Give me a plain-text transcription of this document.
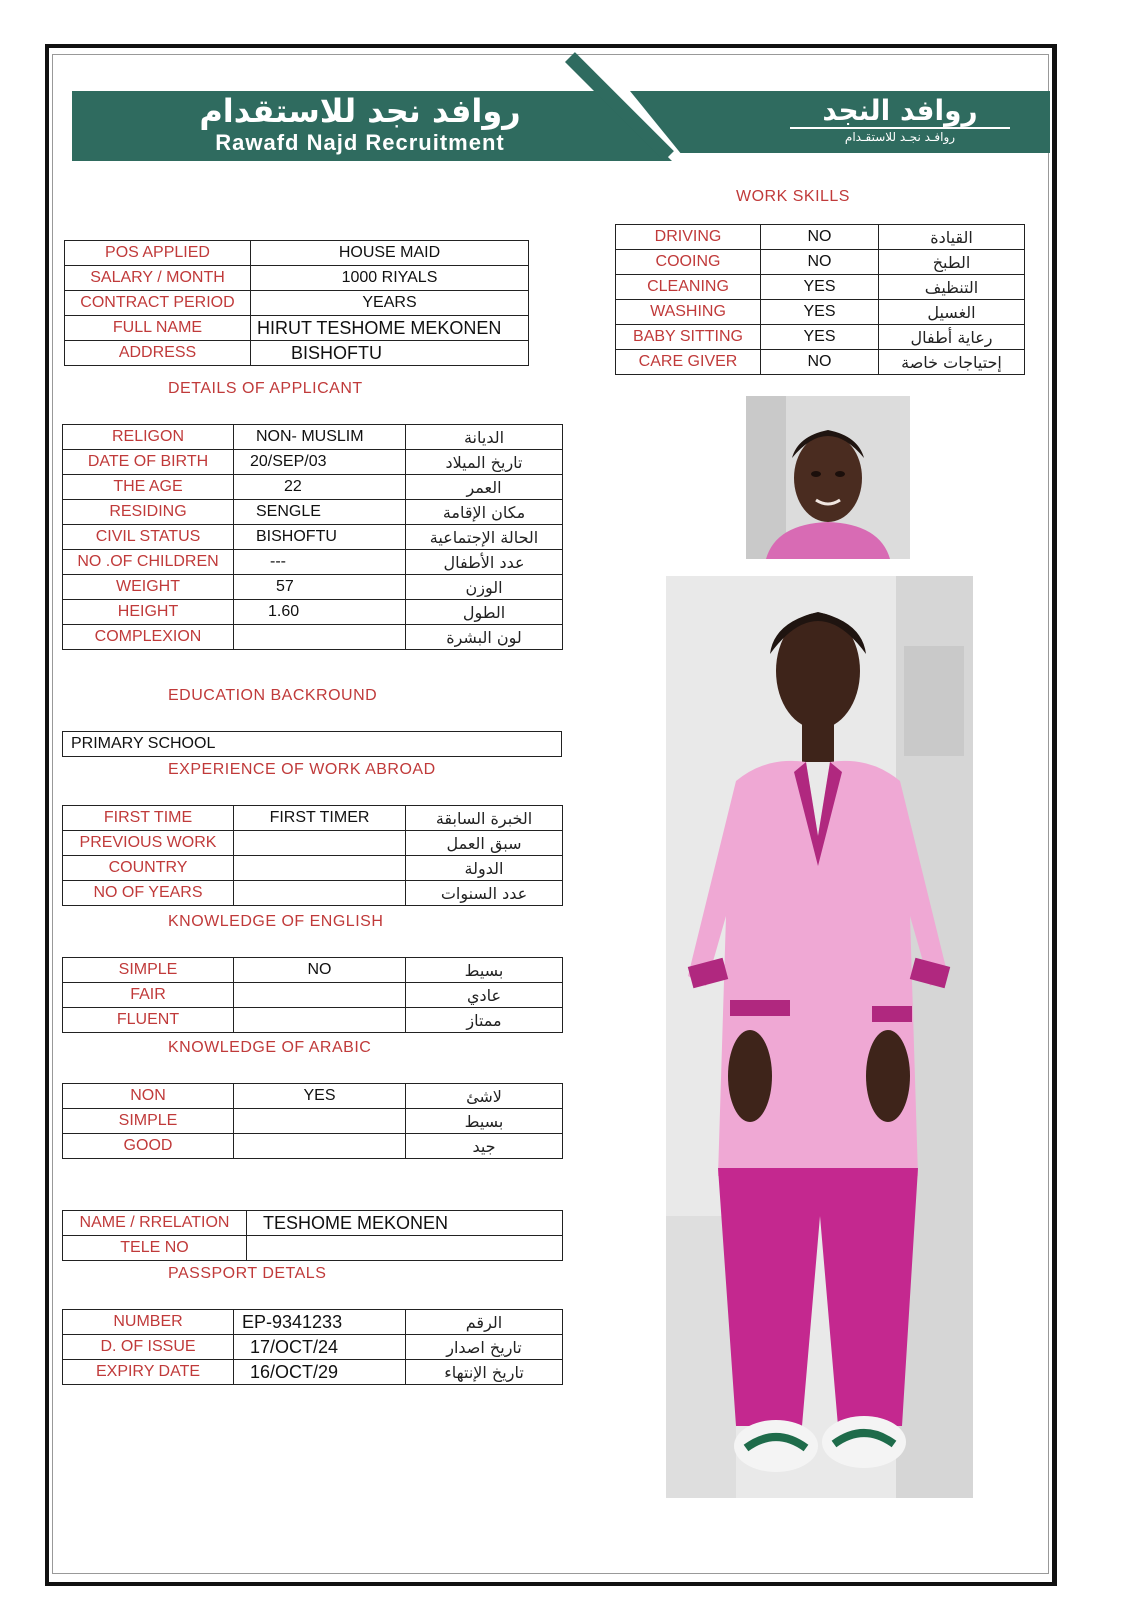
روافد نجد للاستقدام
Rawafd Najd Recruitment
روافد النجد
روافـد نجـد للاستقـدام
POS APPLIED	HOUSE MAID
SALARY / MONTH	1000 RIYALS
CONTRACT PERIOD	YEARS
FULL NAME	HIRUT TESHOME MEKONEN
ADDRESS	BISHOFTU
WORK SKILLS
DRIVING	NO	القيادة
COOING	NO	الطبخ
CLEANING	YES	التنظيف
WASHING	YES	الغسيل
BABY SITTING	YES	رعاية أطفال
CARE GIVER	NO	إحتياجات خاصة
DETAILS OF APPLICANT
RELIGON	NON- MUSLIM	الديانة
DATE OF BIRTH	20/SEP/03	تاريخ الميلاد
THE AGE	22	العمر
RESIDING	SENGLE	مكان الإقامة
CIVIL STATUS	BISHOFTU	الحالة الإجتماعية
NO .OF CHILDREN	---	عدد الأطفال
WEIGHT	57	الوزن
HEIGHT	1.60	الطول
COMPLEXION		لون البشرة
EDUCATION BACKROUND
PRIMARY SCHOOL
EXPERIENCE OF WORK ABROAD
FIRST TIME	FIRST TIMER	الخبرة السابقة
PREVIOUS WORK		سبق العمل
COUNTRY		الدولة
NO OF YEARS		عدد السنوات
KNOWLEDGE OF ENGLISH
SIMPLE	NO	بسيط
FAIR		عادي
FLUENT		ممتاز
KNOWLEDGE OF ARABIC
NON	YES	لاشئ
SIMPLE		بسيط
GOOD		جيد
NAME / RRELATION	TESHOME MEKONEN
TELE NO	
PASSPORT DETALS
NUMBER	EP-9341233	الرقم
D. OF ISSUE	17/OCT/24	تاريخ اصدار
EXPIRY DATE	16/OCT/29	تاريخ الإنتهاء
